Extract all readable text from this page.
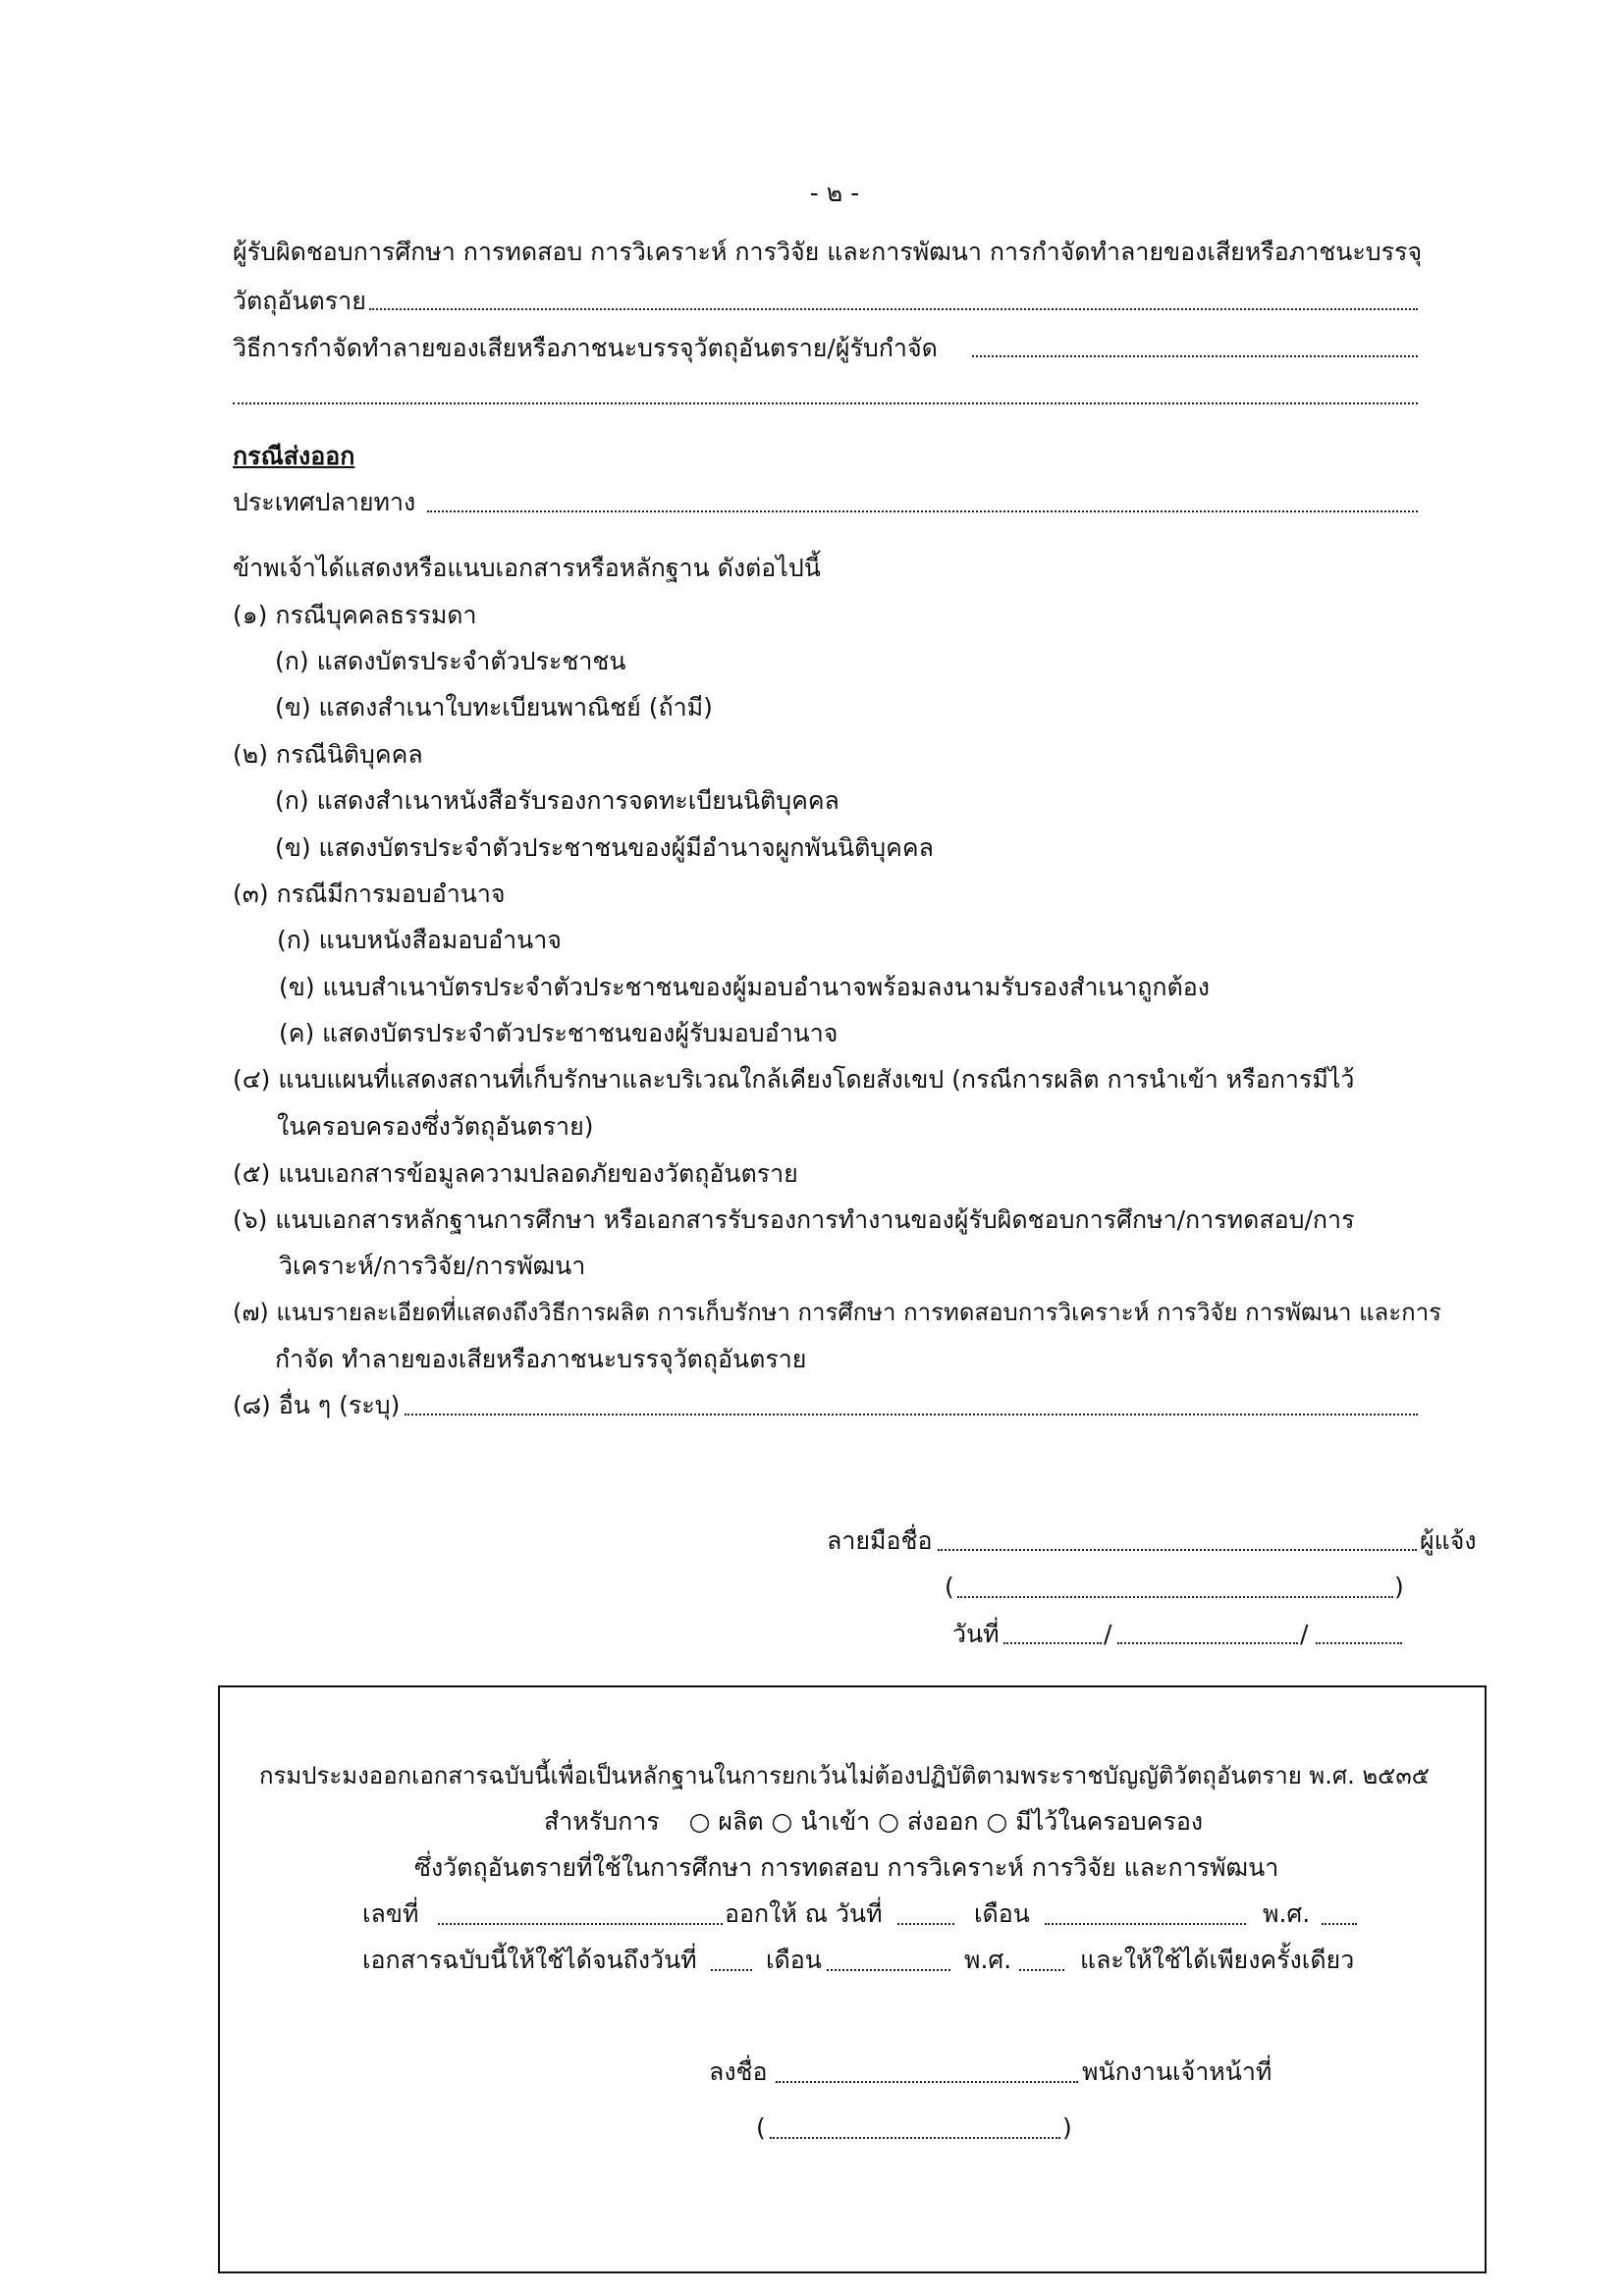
- ๒ -
ผู้รับผิดชอบการศึกษา การทดสอบ การวิเคราะห์ การวิจัย และการพัฒนา การกำจัดทำลายของเสียหรือภาชนะบรรจุ
วัตถุอันตราย
วิธีการกำจัดทำลายของเสียหรือภาชนะบรรจุวัตถุอันตราย/ผู้รับกำจัด
กรณีส่งออก
ประเทศปลายทาง
ข้าพเจ้าได้แสดงหรือแนบเอกสารหรือหลักฐาน ดังต่อไปนี้
(๑) กรณีบุคคลธรรมดา
(ก) แสดงบัตรประจำตัวประชาชน
(ข) แสดงสำเนาใบทะเบียนพาณิชย์ (ถ้ามี)
(๒) กรณีนิติบุคคล
(ก) แสดงสำเนาหนังสือรับรองการจดทะเบียนนิติบุคคล
(ข) แสดงบัตรประจำตัวประชาชนของผู้มีอำนาจผูกพันนิติบุคคล
(๓) กรณีมีการมอบอำนาจ
(ก) แนบหนังสือมอบอำนาจ
(ข) แนบสำเนาบัตรประจำตัวประชาชนของผู้มอบอำนาจพร้อมลงนามรับรองสำเนาถูกต้อง
(ค) แสดงบัตรประจำตัวประชาชนของผู้รับมอบอำนาจ
(๔) แนบแผนที่แสดงสถานที่เก็บรักษาและบริเวณใกล้เคียงโดยสังเขป (กรณีการผลิต การนำเข้า หรือการมีไว้
ในครอบครองซึ่งวัตถุอันตราย)
(๕) แนบเอกสารข้อมูลความปลอดภัยของวัตถุอันตราย
(๖) แนบเอกสารหลักฐานการศึกษา หรือเอกสารรับรองการทำงานของผู้รับผิดชอบการศึกษา/การทดสอบ/การ
วิเคราะห์/การวิจัย/การพัฒนา
(๗) แนบรายละเอียดที่แสดงถึงวิธีการผลิต การเก็บรักษา การศึกษา การทดสอบการวิเคราะห์ การวิจัย การพัฒนา และการ
กำจัด ทำลายของเสียหรือภาชนะบรรจุวัตถุอันตราย
(๘) อื่น ๆ (ระบุ)
ลายมือชื่อ	ผู้แจ้ง
(	)
วันที่	/	/
กรมประมงออกเอกสารฉบับนี้เพื่อเป็นหลักฐานในการยกเว้นไม่ต้องปฏิบัติตามพระราชบัญญัติวัตถุอันตราย พ.ศ. ๒๕๓๕
สำหรับการ ○ ผลิต ○ นำเข้า ○ ส่งออก ○ มีไว้ในครอบครอง
ซึ่งวัตถุอันตรายที่ใช้ในการศึกษา การทดสอบ การวิเคราะห์ การวิจัย และการพัฒนา
เลขที่	ออกให้ ณ วันที่	เดือน	พ.ศ.
เอกสารฉบับนี้ให้ใช้ได้จนถึงวันที่	เดือน	พ.ศ.	และให้ใช้ได้เพียงครั้งเดียว
ลงชื่อ	พนักงานเจ้าหน้าที่
(	)
